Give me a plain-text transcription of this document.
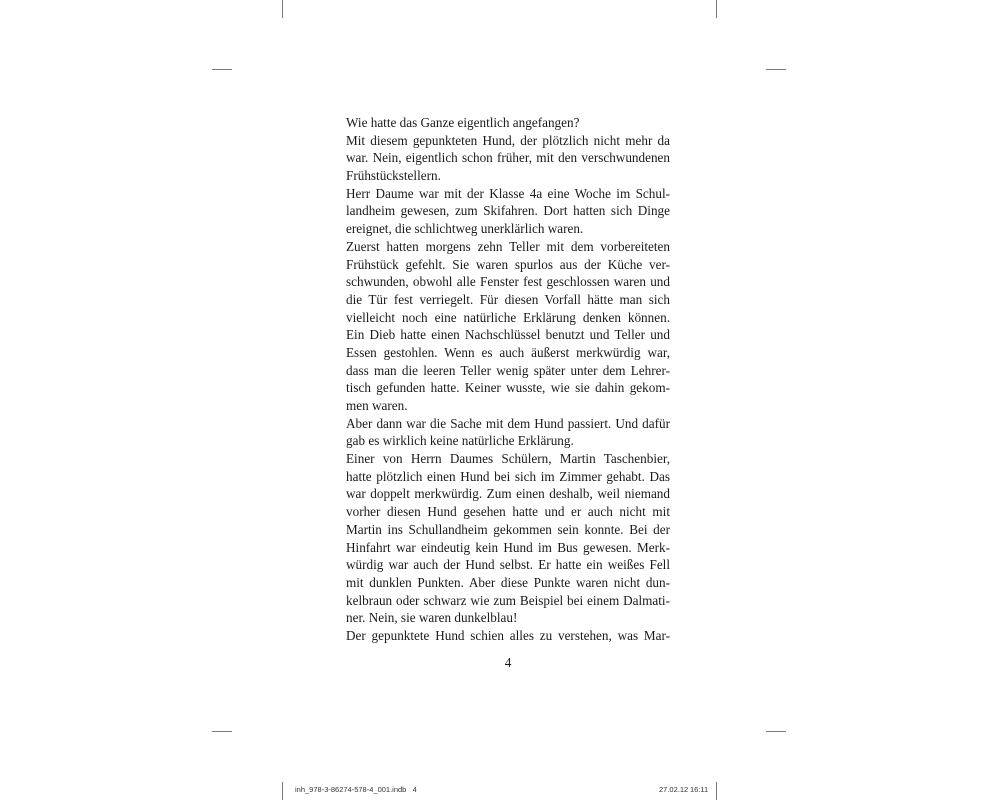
Wie hatte das Ganze eigentlich angefangen?
Mit diesem gepunkteten Hund, der plötzlich nicht mehr da
war. Nein, eigentlich schon früher, mit den verschwundenen
Frühstückstellern.
Herr Daume war mit der Klasse 4a eine Woche im Schul-
landheim gewesen, zum Skifahren. Dort hatten sich Dinge
ereignet, die schlichtweg unerklärlich waren.
Zuerst hatten morgens zehn Teller mit dem vorbereiteten
Frühstück gefehlt. Sie waren spurlos aus der Küche ver-
schwunden, obwohl alle Fenster fest geschlossen waren und
die Tür fest verriegelt. Für diesen Vorfall hätte man sich
vielleicht noch eine natürliche Erklärung denken können.
Ein Dieb hatte einen Nachschlüssel benutzt und Teller und
Essen gestohlen. Wenn es auch äußerst merkwürdig war,
dass man die leeren Teller wenig später unter dem Lehrer-
tisch gefunden hatte. Keiner wusste, wie sie dahin gekom-
men waren.
Aber dann war die Sache mit dem Hund passiert. Und dafür
gab es wirklich keine natürliche Erklärung.
Einer von Herrn Daumes Schülern, Martin Taschenbier,
hatte plötzlich einen Hund bei sich im Zimmer gehabt. Das
war doppelt merkwürdig. Zum einen deshalb, weil niemand
vorher diesen Hund gesehen hatte und er auch nicht mit
Martin ins Schullandheim gekommen sein konnte. Bei der
Hinfahrt war eindeutig kein Hund im Bus gewesen. Merk-
würdig war auch der Hund selbst. Er hatte ein weißes Fell
mit dunklen Punkten. Aber diese Punkte waren nicht dun-
kelbraun oder schwarz wie zum Beispiel bei einem Dalmati-
ner. Nein, sie waren dunkelblau!
Der gepunktete Hund schien alles zu verstehen, was Mar-
4
inh_978-3-86274-578-4_001.indb   4	27.02.12 16:11
